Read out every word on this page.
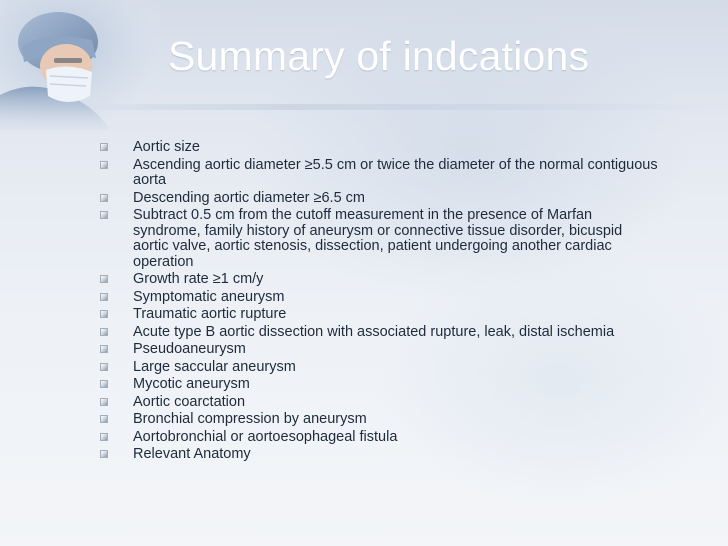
Summary of indcations
Aortic size
Ascending aortic diameter ≥5.5 cm or twice the diameter of the normal contiguous aorta
Descending aortic diameter ≥6.5 cm
Subtract 0.5 cm from the cutoff measurement in the presence of Marfan syndrome, family history of aneurysm or connective tissue disorder, bicuspid aortic valve, aortic stenosis, dissection, patient undergoing another cardiac operation
Growth rate ≥1 cm/y
Symptomatic aneurysm
Traumatic aortic rupture
Acute type B aortic dissection with associated rupture, leak, distal ischemia
Pseudoaneurysm
Large saccular aneurysm
Mycotic aneurysm
Aortic coarctation
Bronchial compression by aneurysm
Aortobronchial or aortoesophageal fistula
Relevant Anatomy
